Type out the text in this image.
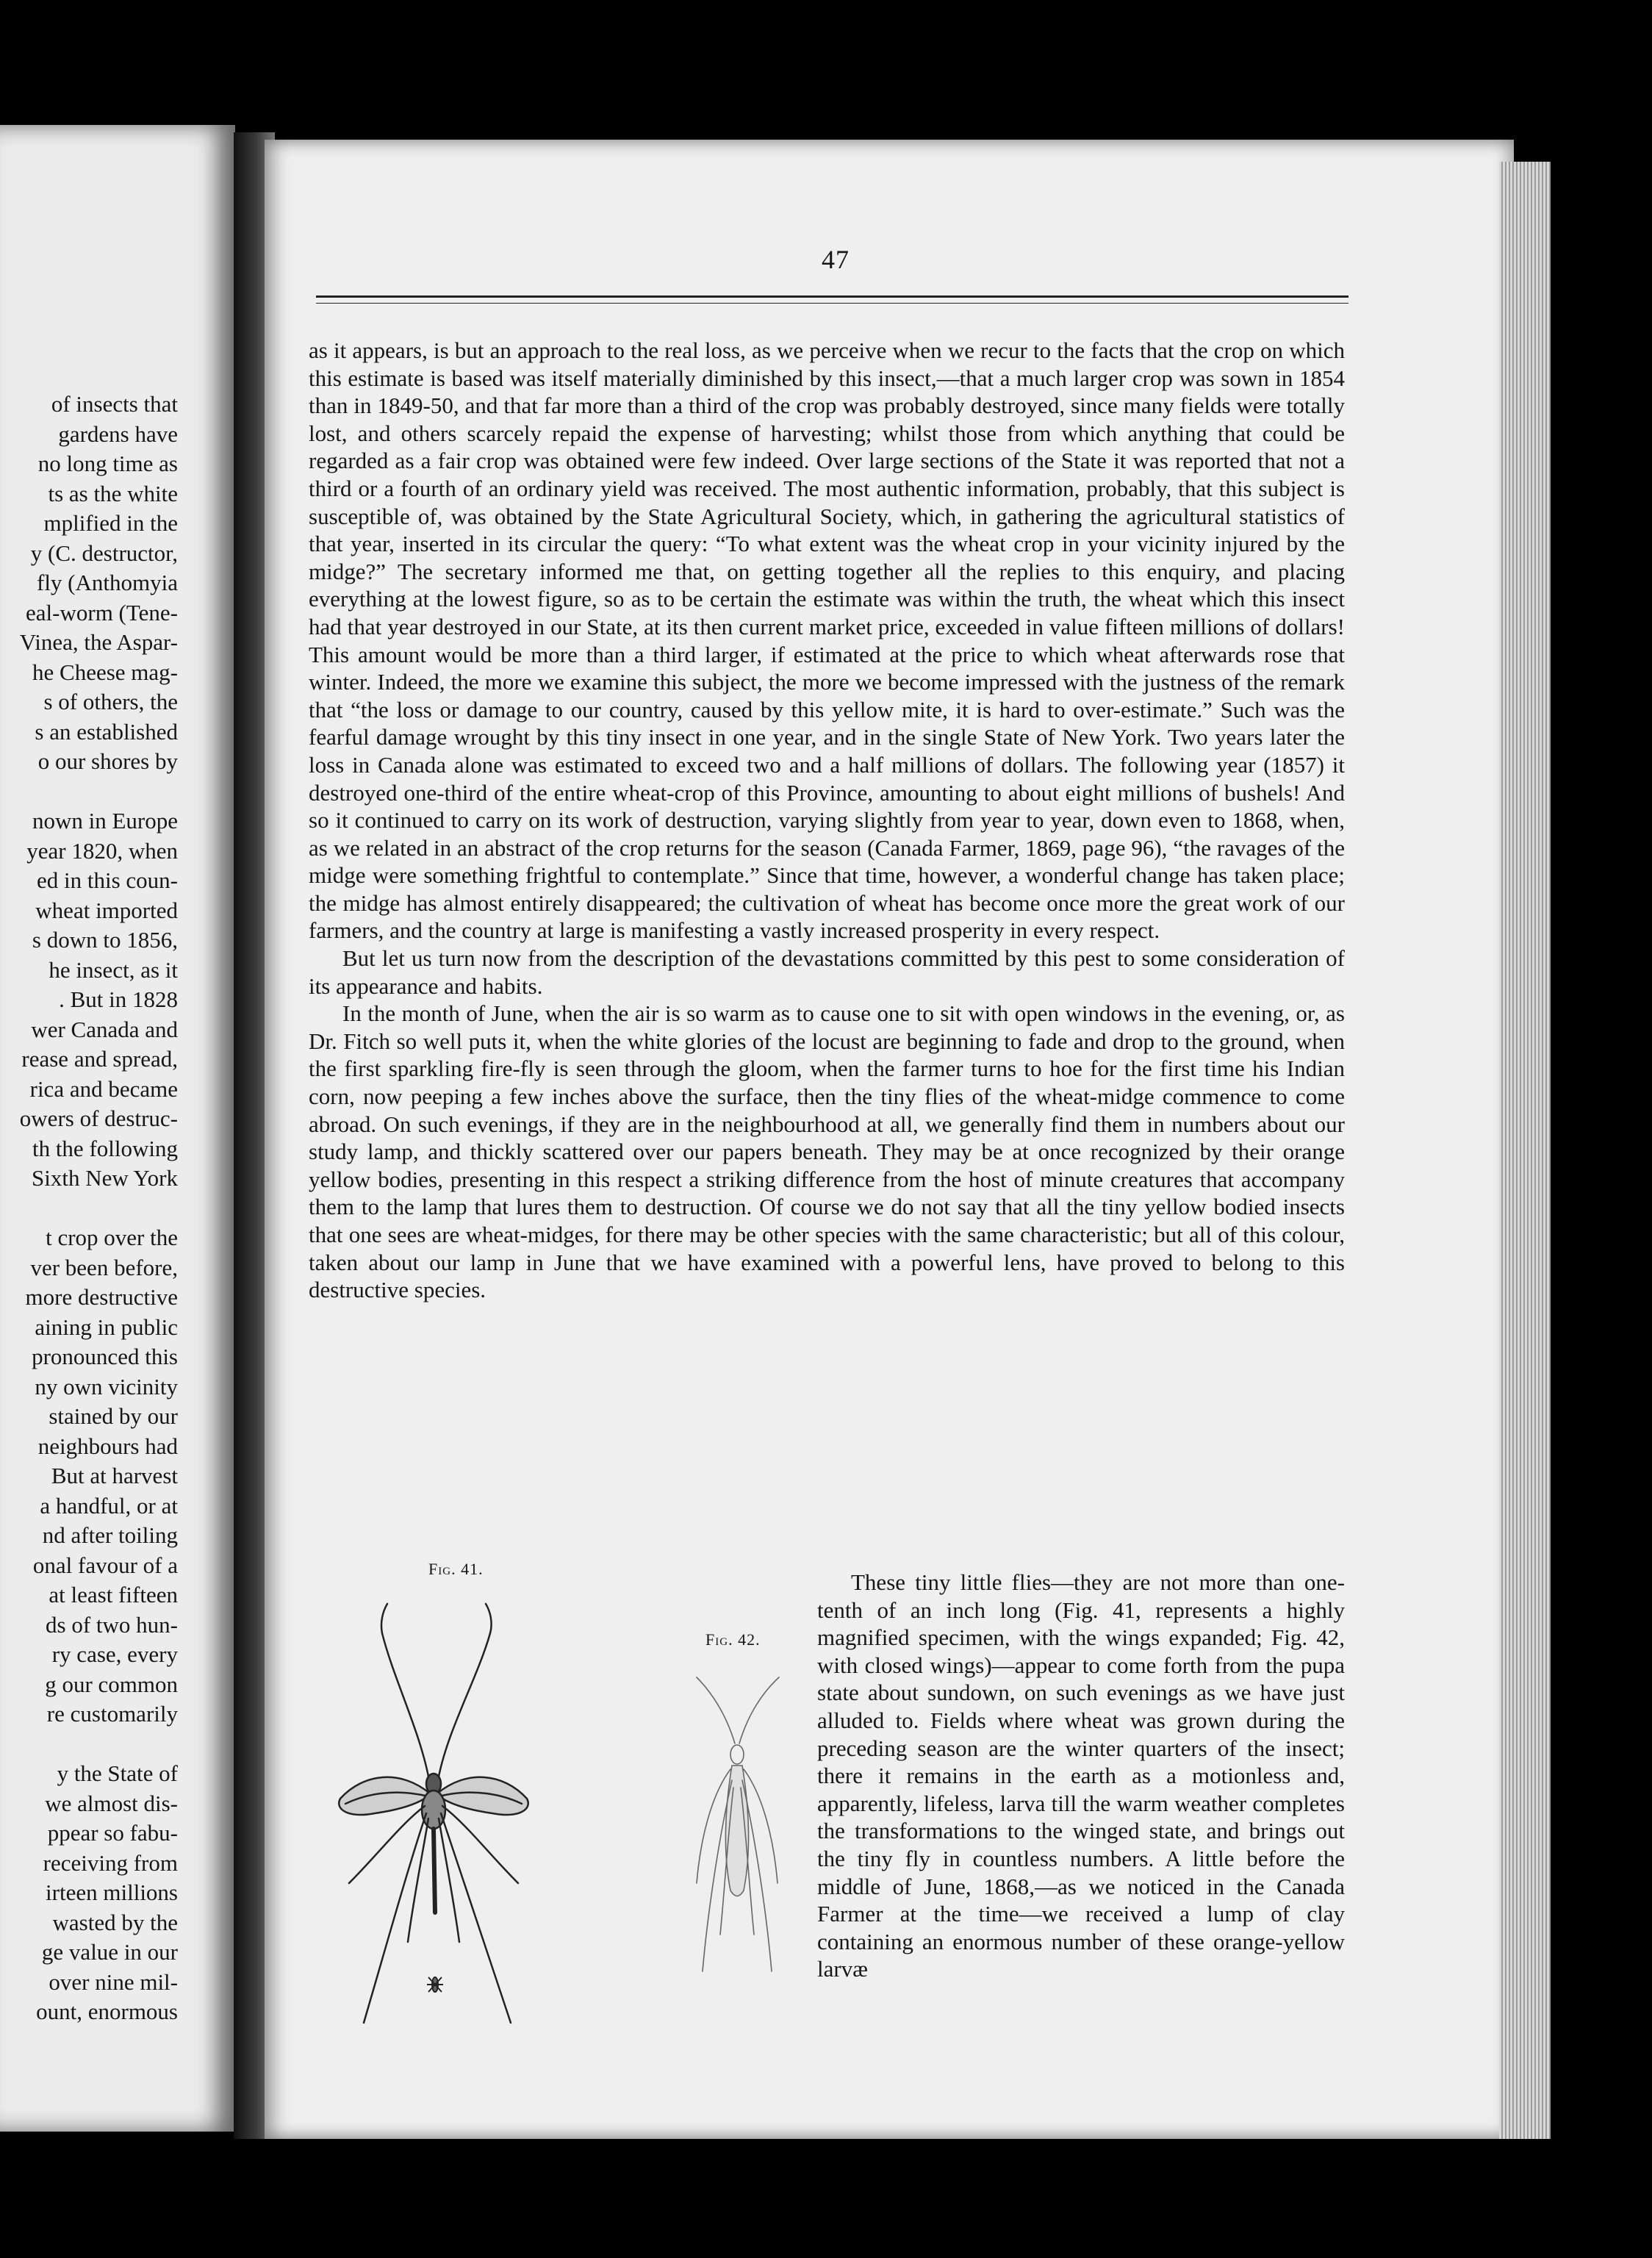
of insects that
gardens have
no long time as
ts as the white
mplified in the
y (C. destructor,
fly (Anthomyia
eal-worm (Tene-
Vinea, the Aspar-
he Cheese mag-
s of others, the
s an established
o our shores by
nown in Europe
year 1820, when
ed in this coun-
wheat imported
s down to 1856,
he insect, as it
. But in 1828
wer Canada and
rease and spread,
rica and became
owers of destruc-
th the following
Sixth New York
t crop over the
ver been before,
more destructive
aining in public
pronounced this
ny own vicinity
stained by our
neighbours had
But at harvest
a handful, or at
nd after toiling
onal favour of a
at least fifteen
ds of two hun-
ry case, every
g our common
re customarily
y the State of
we almost dis-
ppear so fabu-
receiving from
irteen millions
wasted by the
ge value in our
over nine mil-
ount, enormous
47

as it appears, is but an approach to the real loss, as we perceive when we recur to the facts that the crop on which this estimate is based was itself materially diminished by this insect,—that a much larger crop was sown in 1854 than in 1849-50, and that far more than a third of the crop was probably destroyed, since many fields were totally lost, and others scarcely repaid the expense of harvesting; whilst those from which anything that could be regarded as a fair crop was obtained were few indeed. Over large sections of the State it was reported that not a third or a fourth of an ordinary yield was received. The most authentic information, probably, that this subject is susceptible of, was obtained by the State Agricultural Society, which, in gathering the agricultural statistics of that year, inserted in its circular the query: “To what extent was the wheat crop in your vicinity injured by the midge?” The secretary informed me that, on getting together all the replies to this enquiry, and placing everything at the lowest figure, so as to be certain the estimate was within the truth, the wheat which this insect had that year destroyed in our State, at its then current market price, exceeded in value fifteen millions of dollars! This amount would be more than a third larger, if estimated at the price to which wheat afterwards rose that winter. Indeed, the more we examine this subject, the more we become impressed with the justness of the remark that “the loss or damage to our country, caused by this yellow mite, it is hard to over-estimate.” Such was the fearful damage wrought by this tiny insect in one year, and in the single State of New York. Two years later the loss in Canada alone was estimated to exceed two and a half millions of dollars. The following year (1857) it destroyed one-third of the entire wheat-crop of this Province, amounting to about eight millions of bushels! And so it continued to carry on its work of destruction, varying slightly from year to year, down even to 1868, when, as we related in an abstract of the crop returns for the season (Canada Farmer, 1869, page 96), “the ravages of the midge were something frightful to contemplate.” Since that time, however, a wonderful change has taken place; the midge has almost entirely disappeared; the cultivation of wheat has become once more the great work of our farmers, and the country at large is manifesting a vastly increased prosperity in every respect.

But let us turn now from the description of the devastations committed by this pest to some consideration of its appearance and habits.

In the month of June, when the air is so warm as to cause one to sit with open windows in the evening, or, as Dr. Fitch so well puts it, when the white glories of the locust are beginning to fade and drop to the ground, when the first sparkling fire-fly is seen through the gloom, when the farmer turns to hoe for the first time his Indian corn, now peeping a few inches above the surface, then the tiny flies of the wheat-midge commence to come abroad. On such evenings, if they are in the neighbourhood at all, we generally find them in numbers about our study lamp, and thickly scattered over our papers beneath. They may be at once recognized by their orange yellow bodies, presenting in this respect a striking difference from the host of minute creatures that accompany them to the lamp that lures them to destruction. Of course we do not say that all the tiny yellow bodied insects that one sees are wheat-midges, for there may be other species with the same characteristic; but all of this colour, taken about our lamp in June that we have examined with a powerful lens, have proved to belong to this destructive species.

Fig. 41.
Fig. 42.

These tiny little flies—they are not more than one-tenth of an inch long (Fig. 41, represents a highly magnified specimen, with the wings expanded; Fig. 42, with closed wings)—appear to come forth from the pupa state about sundown, on such evenings as we have just alluded to. Fields where wheat was grown during the preceding season are the winter quarters of the insect; there it remains in the earth as a motionless and, apparently, lifeless, larva till the warm weather completes the transformations to the winged state, and brings out the tiny fly in countless numbers. A little before the middle of June, 1868,—as we noticed in the Canada Farmer at the time—we received a lump of clay containing an enormous number of these orange-yellow larvæ
